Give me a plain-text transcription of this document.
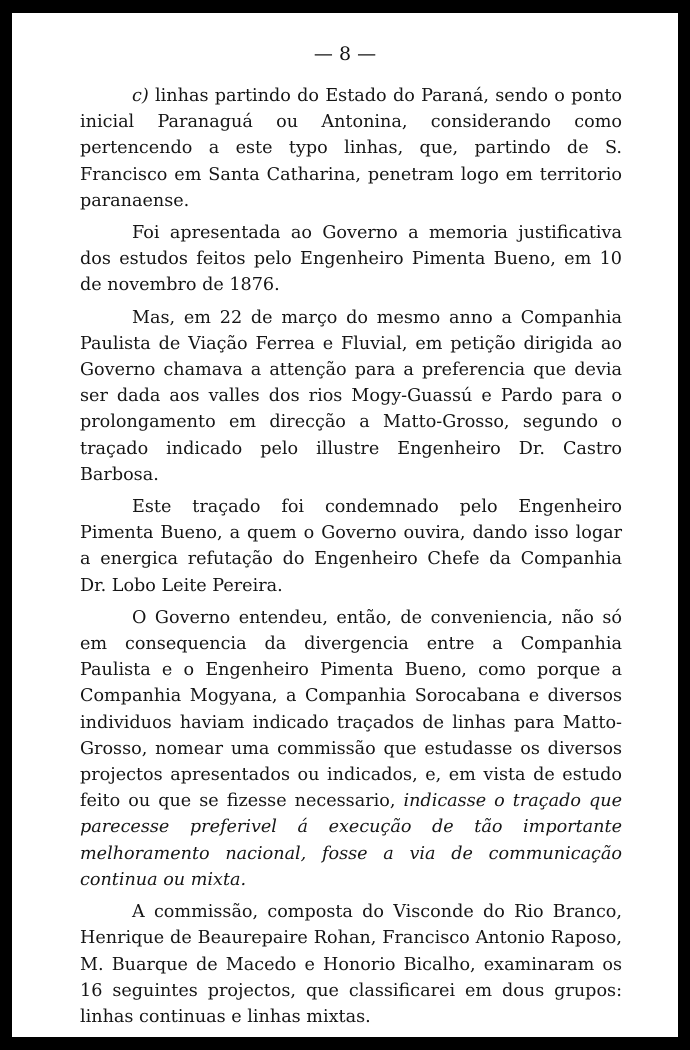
— 8 —

c) linhas partindo do Estado do Paraná, sendo o ponto inicial Paranaguá ou Antonina, considerando como pertencendo a este typo linhas, que, partindo de S. Francisco em Santa Catharina, penetram logo em territorio paranaense.

Foi apresentada ao Governo a memoria justificativa dos estudos feitos pelo Engenheiro Pimenta Bueno, em 10 de novembro de 1876.

Mas, em 22 de março do mesmo anno a Companhia Paulista de Viação Ferrea e Fluvial, em petição dirigida ao Governo chamava a attenção para a preferencia que devia ser dada aos valles dos rios Mogy-Guassú e Pardo para o prolongamento em direcção a Matto-Grosso, segundo o traçado indicado pelo illustre Engenheiro Dr. Castro Barbosa.

Este traçado foi condemnado pelo Engenheiro Pimenta Bueno, a quem o Governo ouvira, dando isso logar a energica refutação do Engenheiro Chefe da Companhia Dr. Lobo Leite Pereira.

O Governo entendeu, então, de conveniencia, não só em consequencia da divergencia entre a Companhia Paulista e o Engenheiro Pimenta Bueno, como porque a Companhia Mogyana, a Companhia Sorocabana e diversos individuos haviam indicado traçados de linhas para Matto-Grosso, nomear uma commissão que estudasse os diversos projectos apresentados ou indicados, e, em vista de estudo feito ou que se fizesse necessario, indicasse o traçado que parecesse preferivel á execução de tão importante melhoramento nacional, fosse a via de communicação continua ou mixta.

A commissão, composta do Visconde do Rio Branco, Henrique de Beaurepaire Rohan, Francisco Antonio Raposo, M. Buarque de Macedo e Honorio Bicalho, examinaram os 16 seguintes projectos, que classificarei em dous grupos: linhas continuas e linhas mixtas.
